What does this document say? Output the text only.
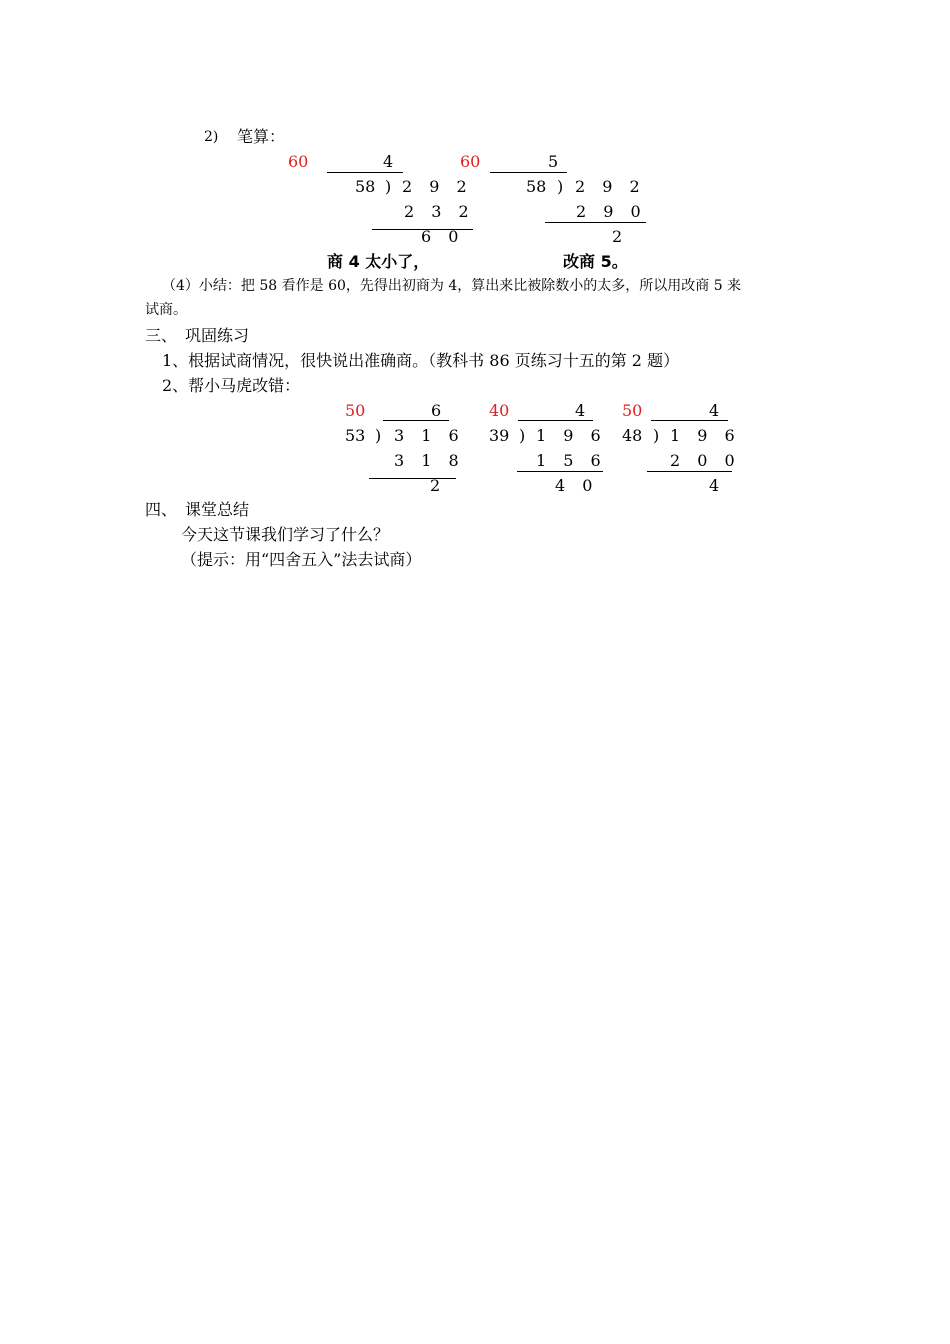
2) 笔算：
60	4
58 ) 2 9 2
2 3 2
6 0
商 4 太小了，
60	5
58 ) 2 9 2
2 9 0
2
改商 5。
（4）小结：把 58 看作是 60，先得出初商为 4，算出来比被除数小的太多，所以用改商 5 来
试商。
三、　巩固练习
1、根据试商情况，很快说出准确商。（教科书 86 页练习十五的第 2 题）
2、帮小马虎改错：
50	6
53 ) 3 1 6
3 1 8
2
40	4
39 ) 1 9 6
1 5 6
4 0
50	4
48 ) 1 9 6
2 0 0
4
四、　课堂总结
今天这节课我们学习了什么？
（提示：用“四舍五入”法去试商）
